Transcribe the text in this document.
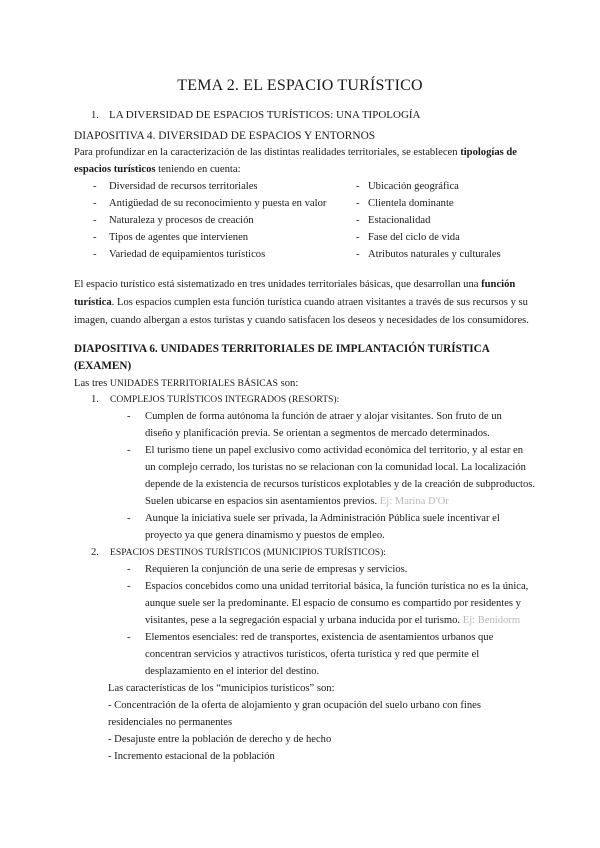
TEMA 2. EL ESPACIO TURÍSTICO
1. LA DIVERSIDAD DE ESPACIOS TURÍSTICOS: UNA TIPOLOGÍA
DIAPOSITIVA 4. DIVERSIDAD DE ESPACIOS Y ENTORNOS
Para profundizar en la caracterización de las distintas realidades territoriales, se establecen tipologías de
espacios turísticos teniendo en cuenta:
- Diversidad de recursos territoriales
- Antigüedad de su reconocimiento y puesta en valor
- Naturaleza y procesos de creación
- Tipos de agentes que intervienen
- Variedad de equipamientos turísticos
- Ubicación geográfica
- Clientela dominante
- Estacionalidad
- Fase del ciclo de vida
- Atributos naturales y culturales
El espacio turístico está sistematizado en tres unidades territoriales básicas, que desarrollan una función
turística. Los espacios cumplen esta función turística cuando atraen visitantes a través de sus recursos y su
imagen, cuando albergan a estos turistas y cuando satisfacen los deseos y necesidades de los consumidores.
DIAPOSITIVA 6. UNIDADES TERRITORIALES DE IMPLANTACIÓN TURÍSTICA
(EXAMEN)
Las tres UNIDADES TERRITORIALES BÁSICAS son:
1. COMPLEJOS TURÍSTICOS INTEGRADOS (RESORTS):
- Cumplen de forma autónoma la función de atraer y alojar visitantes. Son fruto de un
diseño y planificación previa. Se orientan a segmentos de mercado determinados.
- El turismo tiene un papel exclusivo como actividad económica del territorio, y al estar en
un complejo cerrado, los turistas no se relacionan con la comunidad local. La localización
depende de la existencia de recursos turísticos explotables y de la creación de subproductos.
Suelen ubicarse en espacios sin asentamientos previos. Ej: Marina D'Or
- Aunque la iniciativa suele ser privada, la Administración Pública suele incentivar el
proyecto ya que genera dinamismo y puestos de empleo.
2. ESPACIOS DESTINOS TURÍSTICOS (MUNICIPIOS TURÍSTICOS):
- Requieren la conjunción de una serie de empresas y servicios.
- Espacios concebidos como una unidad territorial básica, la función turística no es la única,
aunque suele ser la predominante. El espacio de consumo es compartido por residentes y
visitantes, pese a la segregación espacial y urbana inducida por el turismo. Ej: Benidorm
- Elementos esenciales: red de transportes, existencia de asentamientos urbanos que
concentran servicios y atractivos turísticos, oferta turística y red que permite el
desplazamiento en el interior del destino.
Las características de los “municipios turísticos” son:
- Concentración de la oferta de alojamiento y gran ocupación del suelo urbano con fines
residenciales no permanentes
- Desajuste entre la población de derecho y de hecho
- Incremento estacional de la población
